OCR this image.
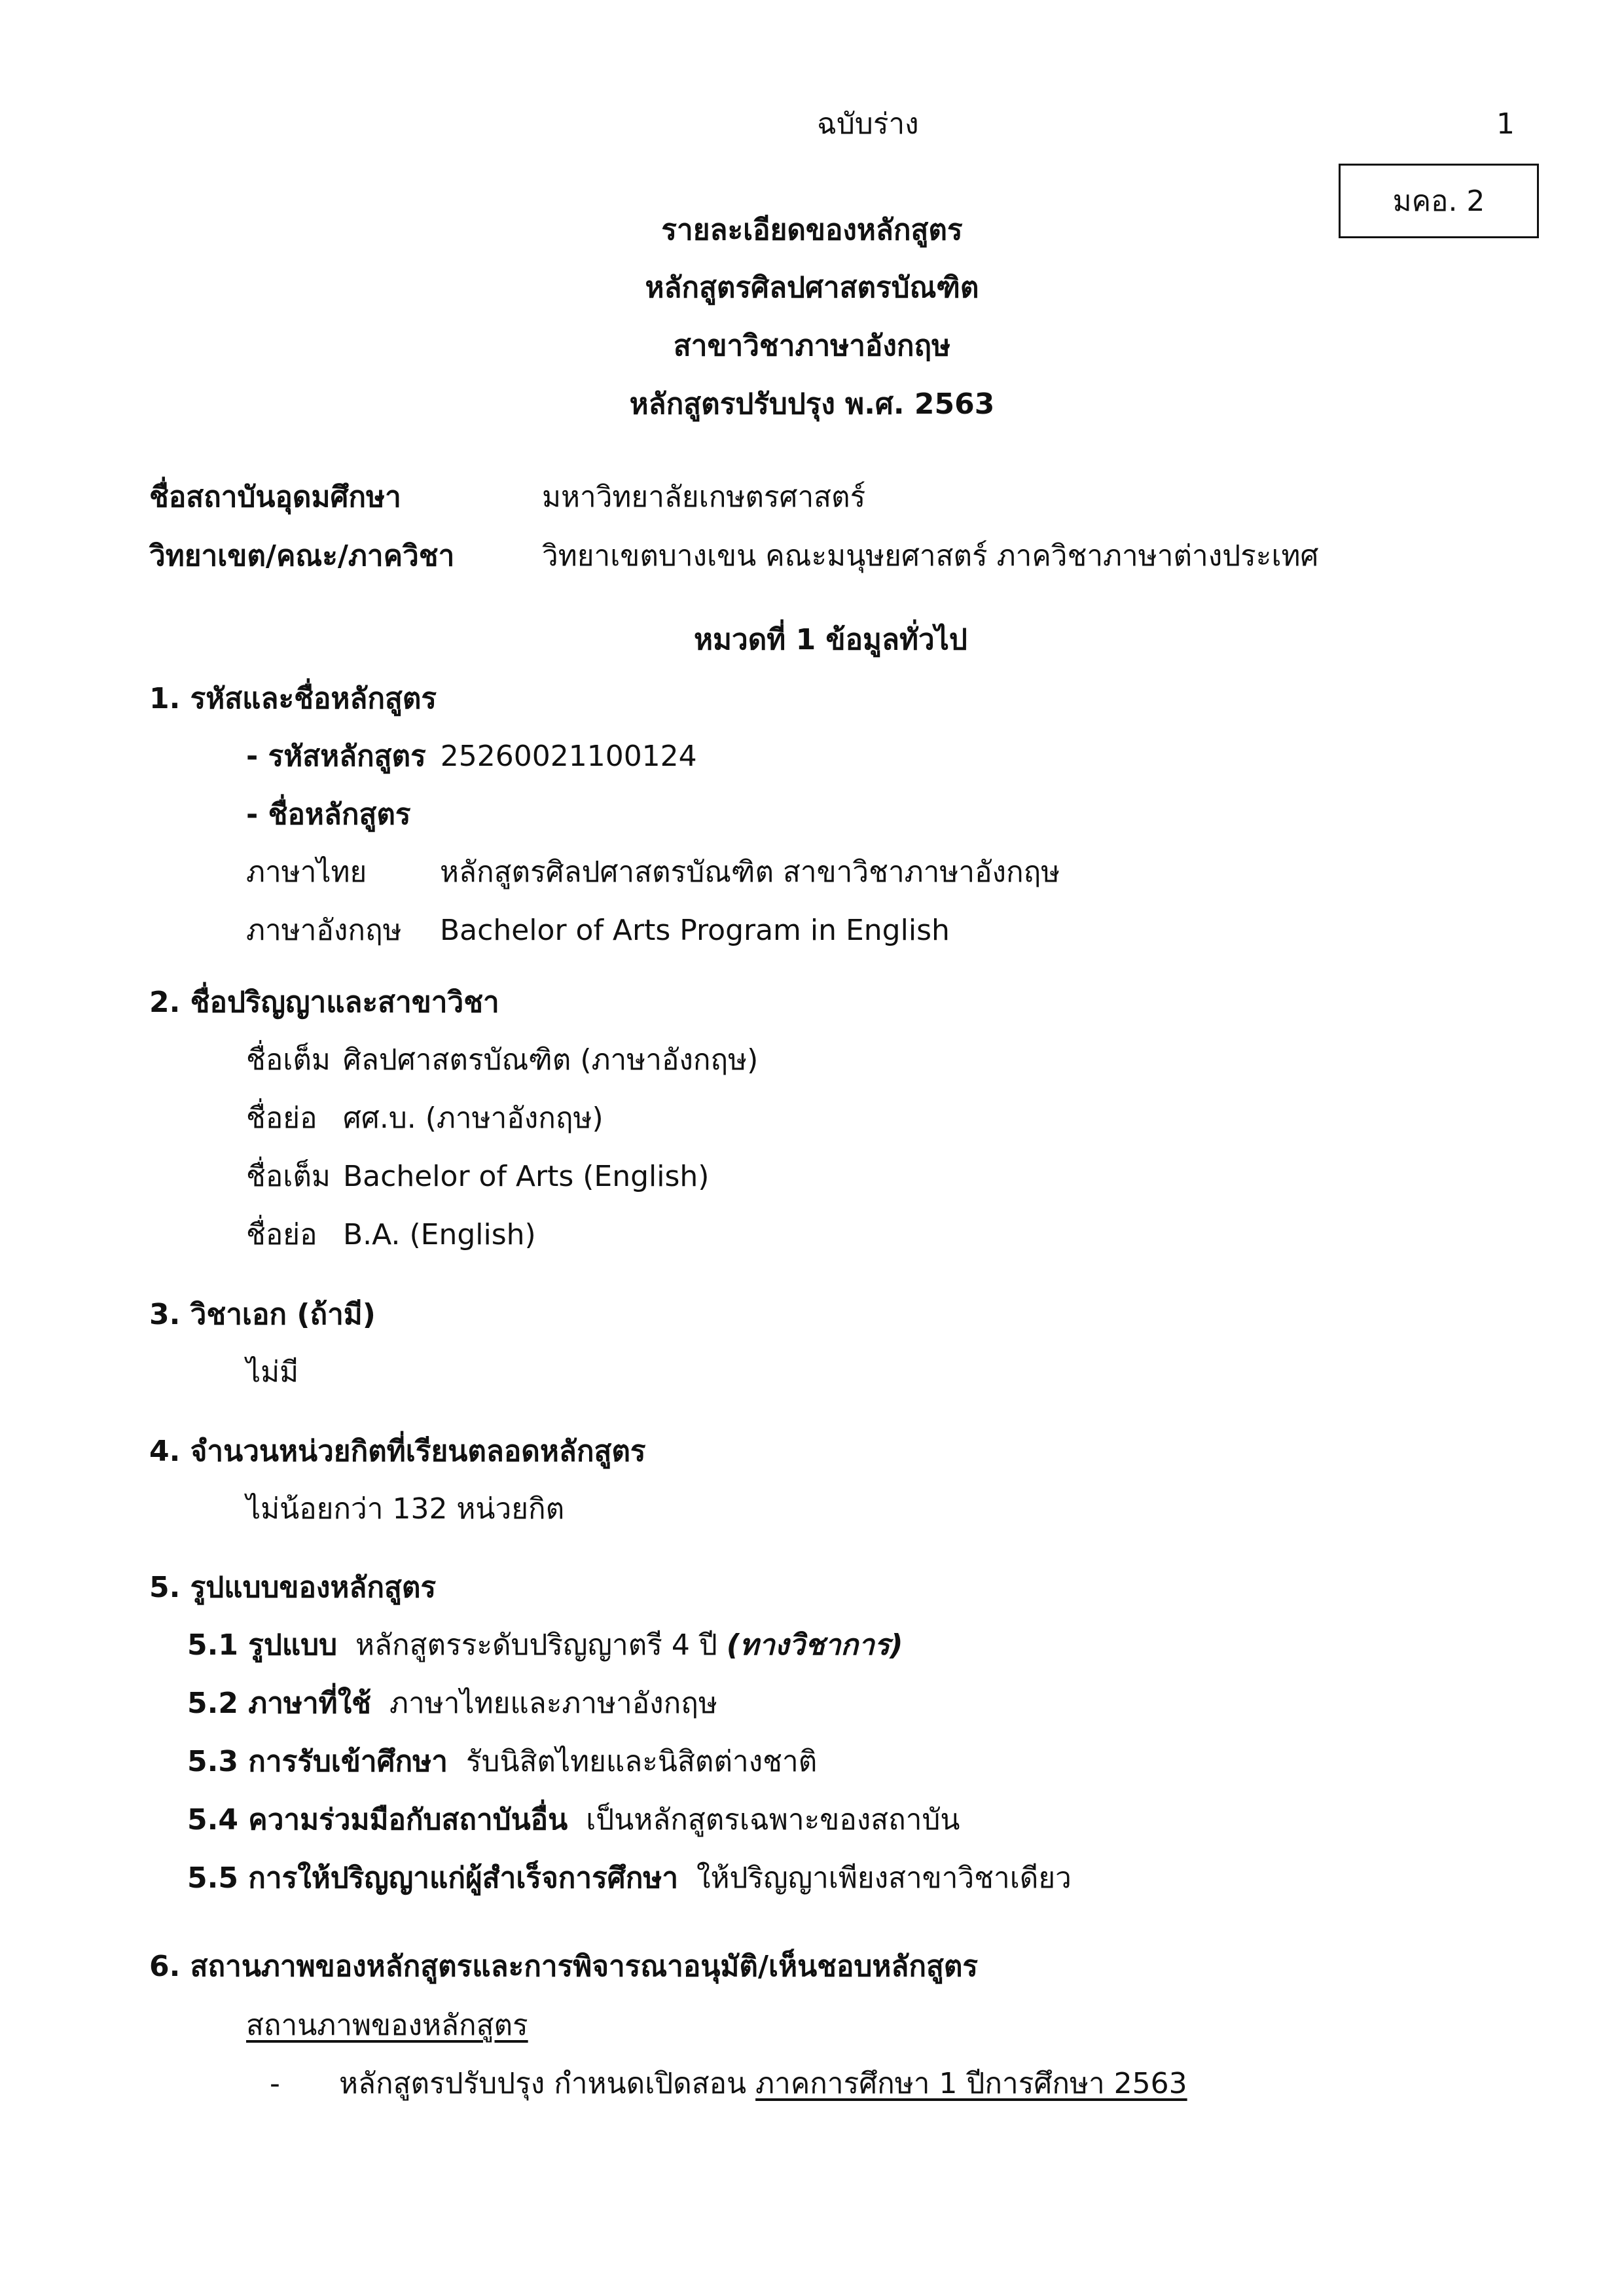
ฉบับร่าง	1
มคอ. 2
รายละเอียดของหลักสูตร
หลักสูตรศิลปศาสตรบัณฑิต
สาขาวิชาภาษาอังกฤษ
หลักสูตรปรับปรุง พ.ศ. 2563
ชื่อสถาบันอุดมศึกษา	มหาวิทยาลัยเกษตรศาสตร์
วิทยาเขต/คณะ/ภาควิชา	วิทยาเขตบางเขน คณะมนุษยศาสตร์ ภาควิชาภาษาต่างประเทศ
หมวดที่ 1 ข้อมูลทั่วไป
1. รหัสและชื่อหลักสูตร
- รหัสหลักสูตร 25260021100124
- ชื่อหลักสูตร
ภาษาไทย	หลักสูตรศิลปศาสตรบัณฑิต สาขาวิชาภาษาอังกฤษ
ภาษาอังกฤษ Bachelor of Arts Program in English
2. ชื่อปริญญาและสาขาวิชา
ชื่อเต็ม ศิลปศาสตรบัณฑิต (ภาษาอังกฤษ)
ชื่อย่อ ศศ.บ. (ภาษาอังกฤษ)
ชื่อเต็ม Bachelor of Arts (English)
ชื่อย่อ B.A. (English)
3. วิชาเอก (ถ้ามี)
ไม่มี
4. จำนวนหน่วยกิตที่เรียนตลอดหลักสูตร
ไม่น้อยกว่า 132 หน่วยกิต
5. รูปแบบของหลักสูตร
5.1 รูปแบบ หลักสูตรระดับปริญญาตรี 4 ปี (ทางวิชาการ)
5.2 ภาษาที่ใช้ ภาษาไทยและภาษาอังกฤษ
5.3 การรับเข้าศึกษา รับนิสิตไทยและนิสิตต่างชาติ
5.4 ความร่วมมือกับสถาบันอื่น เป็นหลักสูตรเฉพาะของสถาบัน
5.5 การให้ปริญญาแก่ผู้สำเร็จการศึกษา ให้ปริญญาเพียงสาขาวิชาเดียว
6. สถานภาพของหลักสูตรและการพิจารณาอนุมัติ/เห็นชอบหลักสูตร
สถานภาพของหลักสูตร
- หลักสูตรปรับปรุง กำหนดเปิดสอน ภาคการศึกษา 1 ปีการศึกษา 2563
